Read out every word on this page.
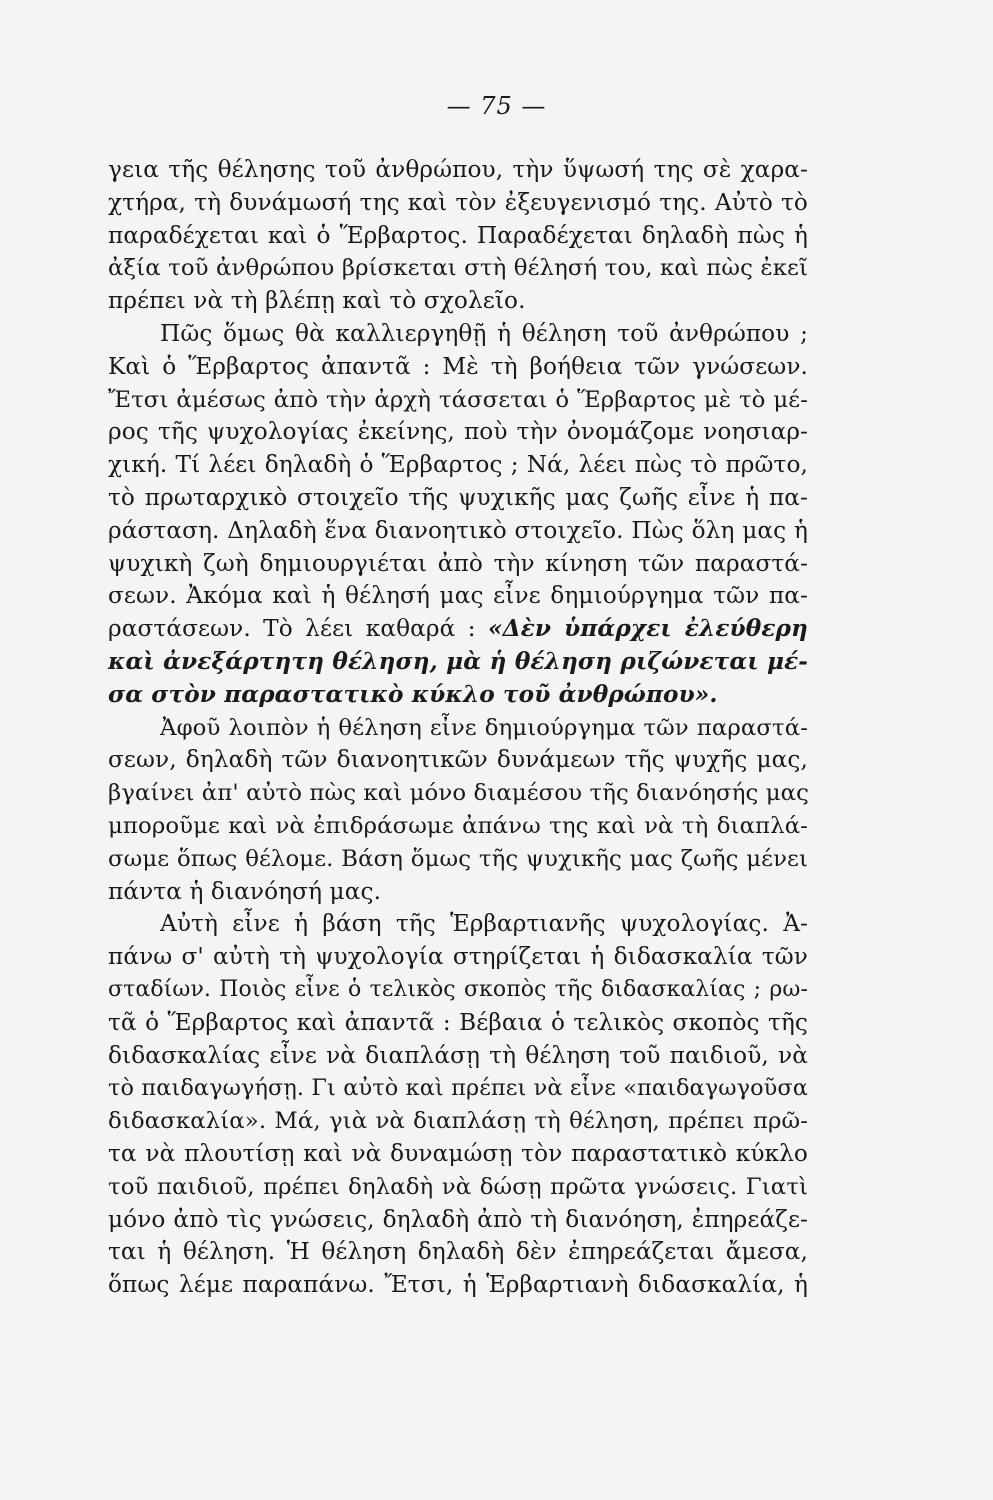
— 75 —
γεια τῆς θέλησης τοῦ ἀνθρώπου, τὴν ὕψωσή της σὲ χαρα-
χτήρα, τὴ δυνάμωσή της καὶ τὸν ἐξευγενισμό της. Αὐτὸ τὸ
παραδέχεται καὶ ὁ Ἕρβαρτος. Παραδέχεται δηλαδὴ πὼς ἡ
ἀξία τοῦ ἀνθρώπου βρίσκεται στὴ θέλησή του, καὶ πὼς ἐκεῖ
πρέπει νὰ τὴ βλέπῃ καὶ τὸ σχολεῖο.
Πῶς ὅμως θὰ καλλιεργηθῇ ἡ θέληση τοῦ ἀνθρώπου ;
Καὶ ὁ Ἕρβαρτος ἀπαντᾶ : Μὲ τὴ βοήθεια τῶν γνώσεων.
Ἔτσι ἀμέσως ἀπὸ τὴν ἀρχὴ τάσσεται ὁ Ἕρβαρτος μὲ τὸ μέ-
ρος τῆς ψυχολογίας ἐκείνης, ποὺ τὴν ὀνομάζομε νοησιαρ-
χική. Τί λέει δηλαδὴ ὁ Ἕρβαρτος ; Νά, λέει πὼς τὸ πρῶτο,
τὸ πρωταρχικὸ στοιχεῖο τῆς ψυχικῆς μας ζωῆς εἶνε ἡ πα-
ράσταση. Δηλαδὴ ἕνα διανοητικὸ στοιχεῖο. Πὼς ὅλη μας ἡ
ψυχικὴ ζωὴ δημιουργιέται ἀπὸ τὴν κίνηση τῶν παραστά-
σεων. Ἀκόμα καὶ ἡ θέλησή μας εἶνε δημιούργημα τῶν πα-
ραστάσεων. Τὸ λέει καθαρά : «Δὲν ὑπάρχει ἐλεύθερη
καὶ ἀνεξάρτητη θέληση, μὰ ἡ θέληση ριζώνεται μέ-
σα στὸν παραστατικὸ κύκλο τοῦ ἀνθρώπου».
Ἀφοῦ λοιπὸν ἡ θέληση εἶνε δημιούργημα τῶν παραστά-
σεων, δηλαδὴ τῶν διανοητικῶν δυνάμεων τῆς ψυχῆς μας,
βγαίνει ἀπ' αὐτὸ πὼς καὶ μόνο διαμέσου τῆς διανόησής μας
μποροῦμε καὶ νὰ ἐπιδράσωμε ἀπάνω της καὶ νὰ τὴ διαπλά-
σωμε ὅπως θέλομε. Βάση ὅμως τῆς ψυχικῆς μας ζωῆς μένει
πάντα ἡ διανόησή μας.
Αὐτὴ εἶνε ἡ βάση τῆς Ἑρβαρτιανῆς ψυχολογίας. Ἀ-
πάνω σ' αὐτὴ τὴ ψυχολογία στηρίζεται ἡ διδασκαλία τῶν
σταδίων. Ποιὸς εἶνε ὁ τελικὸς σκοπὸς τῆς διδασκαλίας ; ρω-
τᾶ ὁ Ἕρβαρτος καὶ ἀπαντᾶ : Βέβαια ὁ τελικὸς σκοπὸς τῆς
διδασκαλίας εἶνε νὰ διαπλάσῃ τὴ θέληση τοῦ παιδιοῦ, νὰ
τὸ παιδαγωγήσῃ. Γι αὐτὸ καὶ πρέπει νὰ εἶνε «παιδαγωγοῦσα
διδασκαλία». Μά, γιὰ νὰ διαπλάσῃ τὴ θέληση, πρέπει πρῶ-
τα νὰ πλουτίσῃ καὶ νὰ δυναμώσῃ τὸν παραστατικὸ κύκλο
τοῦ παιδιοῦ, πρέπει δηλαδὴ νὰ δώσῃ πρῶτα γνώσεις. Γιατὶ
μόνο ἀπὸ τὶς γνώσεις, δηλαδὴ ἀπὸ τὴ διανόηση, ἐπηρεάζε-
ται ἡ θέληση. Ἡ θέληση δηλαδὴ δὲν ἐπηρεάζεται ἄμεσα,
ὅπως λέμε παραπάνω. Ἔτσι, ἡ Ἑρβαρτιανὴ διδασκαλία, ἡ
